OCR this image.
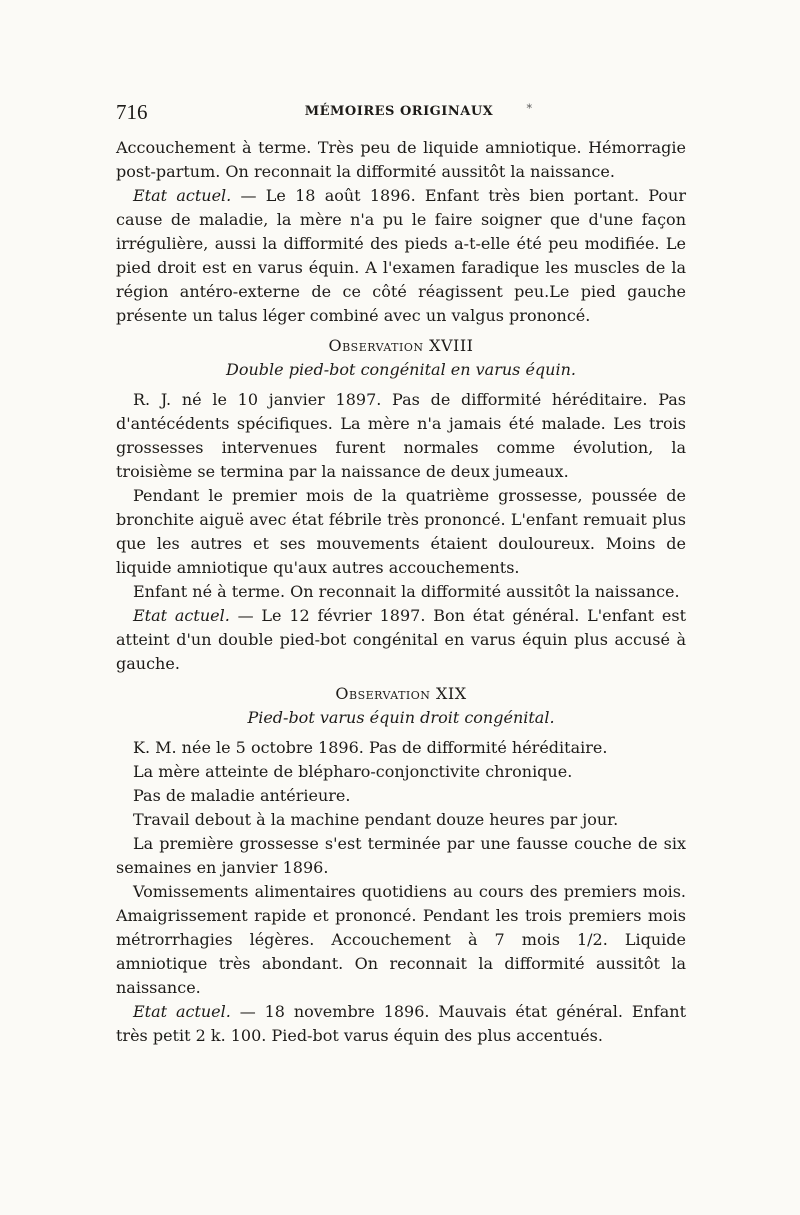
716	MÉMOIRES ORIGINAUX	*

Accouchement à terme. Très peu de liquide amniotique. Hémorragie post-partum. On reconnait la difformité aussitôt la naissance.

Etat actuel. — Le 18 août 1896. Enfant très bien portant. Pour cause de maladie, la mère n'a pu le faire soigner que d'une façon irrégulière, aussi la difformité des pieds a-t-elle été peu modifiée. Le pied droit est en varus équin. A l'examen faradique les muscles de la région antéro-externe de ce côté réagissent peu.Le pied gauche présente un talus léger combiné avec un valgus prononcé.

Observation XVIII
Double pied-bot congénital en varus équin.

R. J. né le 10 janvier 1897. Pas de difformité héréditaire. Pas d'antécédents spécifiques. La mère n'a jamais été malade. Les trois grossesses intervenues furent normales comme évolution, la troisième se termina par la naissance de deux jumeaux.

Pendant le premier mois de la quatrième grossesse, poussée de bronchite aiguë avec état fébrile très prononcé. L'enfant remuait plus que les autres et ses mouvements étaient douloureux. Moins de liquide amniotique qu'aux autres accouchements.

Enfant né à terme. On reconnait la difformité aussitôt la naissance.

Etat actuel. — Le 12 février 1897. Bon état général. L'enfant est atteint d'un double pied-bot congénital en varus équin plus accusé à gauche.

Observation XIX
Pied-bot varus équin droit congénital.

K. M. née le 5 octobre 1896. Pas de difformité héréditaire.

La mère atteinte de blépharo-conjonctivite chronique.

Pas de maladie antérieure.

Travail debout à la machine pendant douze heures par jour.

La première grossesse s'est terminée par une fausse couche de six semaines en janvier 1896.

Vomissements alimentaires quotidiens au cours des premiers mois. Amaigrissement rapide et prononcé. Pendant les trois premiers mois métrorrhagies légères. Accouchement à 7 mois 1/2. Liquide amniotique très abondant. On reconnait la difformité aussitôt la naissance.

Etat actuel. — 18 novembre 1896. Mauvais état général. Enfant très petit 2 k. 100. Pied-bot varus équin des plus accentués.
